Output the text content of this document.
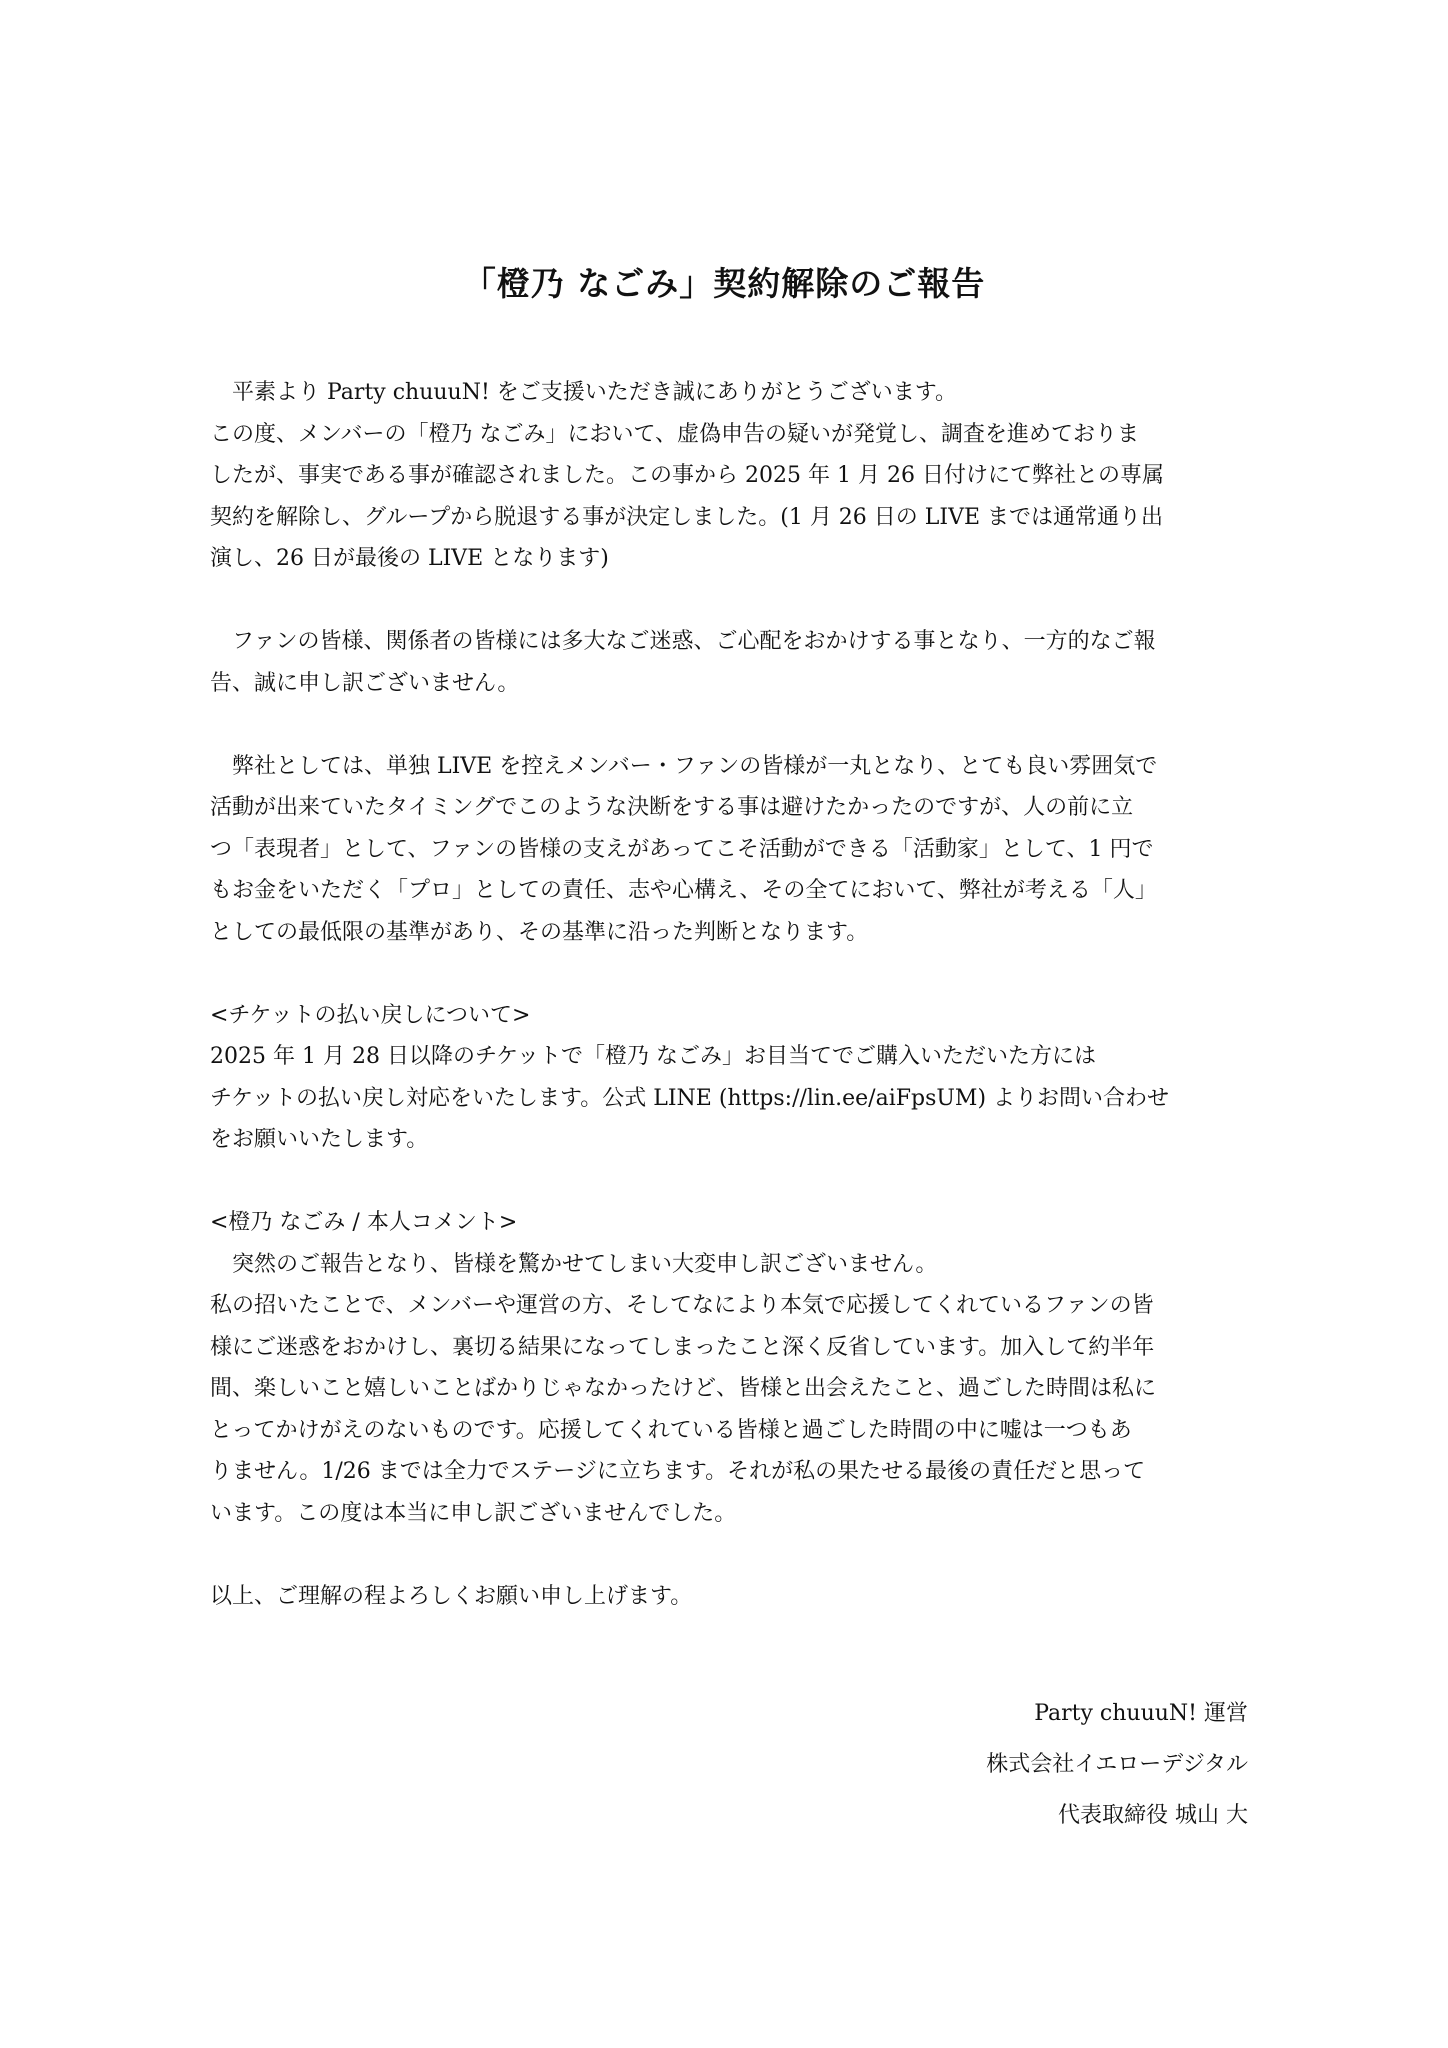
「橙乃 なごみ」契約解除のご報告
平素より Party chuuuN! をご支援いただき誠にありがとうございます。
この度、メンバーの「橙乃 なごみ」において、虚偽申告の疑いが発覚し、調査を進めておりま
したが、事実である事が確認されました。この事から 2025 年 1 月 26 日付けにて弊社との専属
契約を解除し、グループから脱退する事が決定しました。(1 月 26 日の LIVE までは通常通り出
演し、26 日が最後の LIVE となります)
ファンの皆様、関係者の皆様には多大なご迷惑、ご心配をおかけする事となり、一方的なご報
告、誠に申し訳ございません。
弊社としては、単独 LIVE を控えメンバー・ファンの皆様が一丸となり、とても良い雰囲気で
活動が出来ていたタイミングでこのような決断をする事は避けたかったのですが、人の前に立
つ「表現者」として、ファンの皆様の支えがあってこそ活動ができる「活動家」として、1 円で
もお金をいただく「プロ」としての責任、志や心構え、その全てにおいて、弊社が考える「人」
としての最低限の基準があり、その基準に沿った判断となります。
<チケットの払い戻しについて>
2025 年 1 月 28 日以降のチケットで「橙乃 なごみ」お目当てでご購入いただいた方には
チケットの払い戻し対応をいたします。公式 LINE (https://lin.ee/aiFpsUM) よりお問い合わせ
をお願いいたします。
<橙乃 なごみ / 本人コメント>
突然のご報告となり、皆様を驚かせてしまい大変申し訳ございません。
私の招いたことで、メンバーや運営の方、そしてなにより本気で応援してくれているファンの皆
様にご迷惑をおかけし、裏切る結果になってしまったこと深く反省しています。加入して約半年
間、楽しいこと嬉しいことばかりじゃなかったけど、皆様と出会えたこと、過ごした時間は私に
とってかけがえのないものです。応援してくれている皆様と過ごした時間の中に嘘は一つもあ
りません。1/26 までは全力でステージに立ちます。それが私の果たせる最後の責任だと思って
います。この度は本当に申し訳ございませんでした。
以上、ご理解の程よろしくお願い申し上げます。
Party chuuuN! 運営
株式会社イエローデジタル
代表取締役 城山 大
